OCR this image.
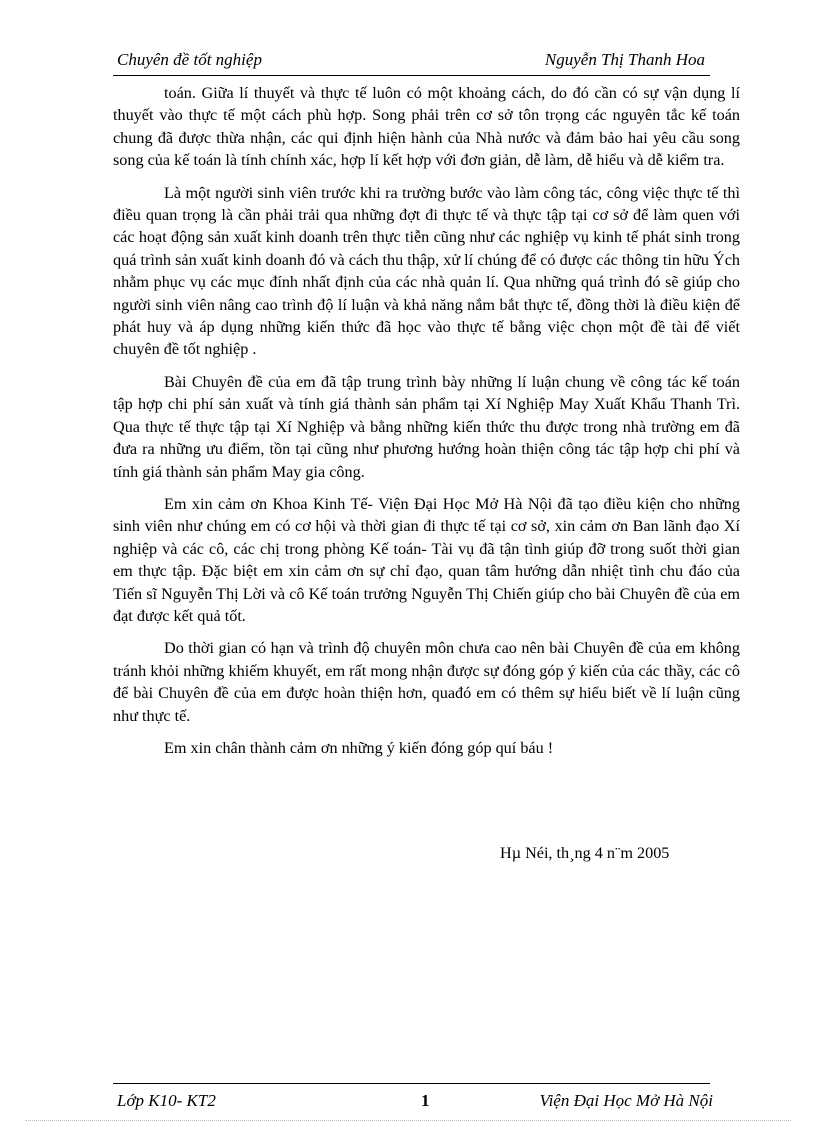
Chuyên đề tốt nghiệp	Nguyễn Thị Thanh Hoa

toán. Giữa lí thuyết và thực tế luôn có một khoảng cách, do đó cần có sự vận dụng lí thuyết vào thực tế một cách phù hợp. Song phải trên cơ sở tôn trọng các nguyên tắc kế toán chung đã được thừa nhận, các qui định hiện hành của Nhà nước và đảm bảo hai yêu cầu song song của kế toán là tính chính xác, hợp lí kết hợp với đơn giản, dễ làm, dễ hiểu và dễ kiểm tra.

Là một người sinh viên trước khi ra trường bước vào làm công tác, công việc thực tế thì điều quan trọng là cần phải trải qua những đợt đi thực tế và thực tập tại cơ sở để làm quen với các hoạt động sản xuất kinh doanh trên thực tiễn cũng như các nghiệp vụ kinh tế phát sinh trong quá trình sản xuất kinh doanh đó và cách thu thập, xử lí chúng để có được các thông tin hữu Ých nhằm phục vụ các mục đính nhất định của các nhà quản lí. Qua những quá trình đó sẽ giúp cho người sinh viên nâng cao trình độ lí luận và khả năng nắm bắt thực tế, đồng thời là điều kiện để phát huy và áp dụng những kiến thức đã học vào thực tế bằng việc chọn một đề tài để viết chuyên đề tốt nghiệp .

Bài Chuyên đề của em đã tập trung trình bày những lí luận chung về công tác kế toán tập hợp chi phí sản xuất và tính giá thành sản phẩm tại Xí Nghiệp May Xuất Khẩu Thanh Trì. Qua thực tế thực tập tại Xí Nghiệp và bằng những kiến thức thu được trong nhà trường em đã đưa ra những ưu điểm, tồn tại cũng như phương hướng hoàn thiện công tác tập hợp chi phí và tính giá thành sản phẩm May gia công.

Em xin cảm ơn Khoa Kinh Tế- Viện Đại Học Mở Hà Nội đã tạo điều kiện cho những sinh viên như chúng em có cơ hội và thời gian đi thực tế tại cơ sở, xin cảm ơn Ban lãnh đạo Xí nghiệp và các cô, các chị trong phòng Kế toán- Tài vụ đã tận tình giúp đỡ trong suốt thời gian em thực tập. Đặc biệt em xin cảm ơn sự chỉ đạo, quan tâm hướng dẫn nhiệt tình chu đáo của Tiến sĩ Nguyễn Thị Lời và cô Kế toán trưởng Nguyễn Thị Chiến giúp cho bài Chuyên đề của em đạt được kết quả tốt.

Do thời gian có hạn và trình độ chuyên môn chưa cao nên bài Chuyên đề của em không tránh khỏi những khiếm khuyết, em rất mong nhận được sự đóng góp ý kiến của các thầy, các cô để bài Chuyên đề của em được hoàn thiện hơn, quađó em có thêm sự hiểu biết về lí luận cũng như thực tế.

Em xin chân thành cảm ơn những ý kiến đóng góp quí báu !

Hµ Néi, th¸ng 4 n¨m 2005
Lớp K10- KT2	1	Viện Đại Học Mở Hà Nội
